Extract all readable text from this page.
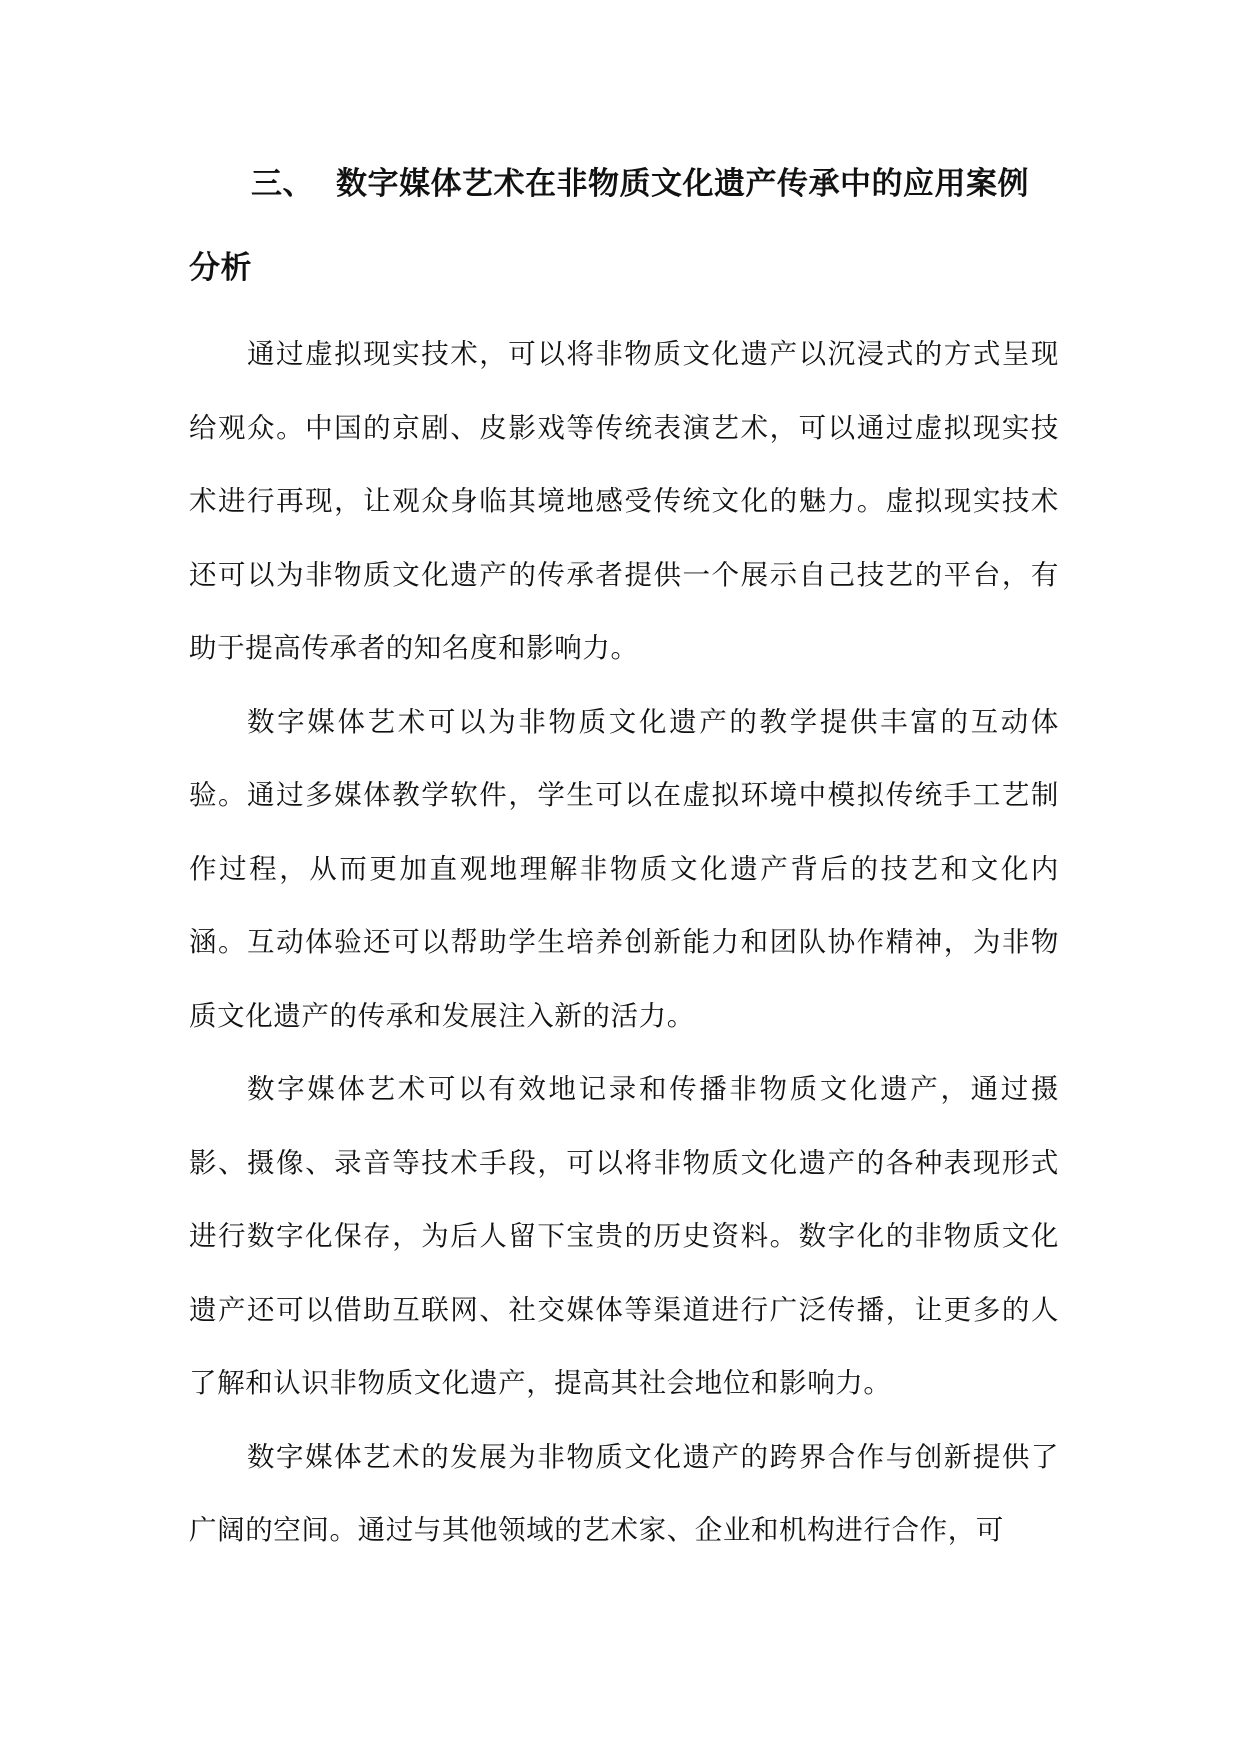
三、 数字媒体艺术在非物质文化遗产传承中的应用案例分析

通过虚拟现实技术，可以将非物质文化遗产以沉浸式的方式呈现给观众。中国的京剧、皮影戏等传统表演艺术，可以通过虚拟现实技术进行再现，让观众身临其境地感受传统文化的魅力。虚拟现实技术还可以为非物质文化遗产的传承者提供一个展示自己技艺的平台，有助于提高传承者的知名度和影响力。

数字媒体艺术可以为非物质文化遗产的教学提供丰富的互动体验。通过多媒体教学软件，学生可以在虚拟环境中模拟传统手工艺制作过程，从而更加直观地理解非物质文化遗产背后的技艺和文化内涵。互动体验还可以帮助学生培养创新能力和团队协作精神，为非物质文化遗产的传承和发展注入新的活力。

数字媒体艺术可以有效地记录和传播非物质文化遗产，通过摄影、摄像、录音等技术手段，可以将非物质文化遗产的各种表现形式进行数字化保存，为后人留下宝贵的历史资料。数字化的非物质文化遗产还可以借助互联网、社交媒体等渠道进行广泛传播，让更多的人了解和认识非物质文化遗产，提高其社会地位和影响力。

数字媒体艺术的发展为非物质文化遗产的跨界合作与创新提供了广阔的空间。通过与其他领域的艺术家、企业和机构进行合作，可
